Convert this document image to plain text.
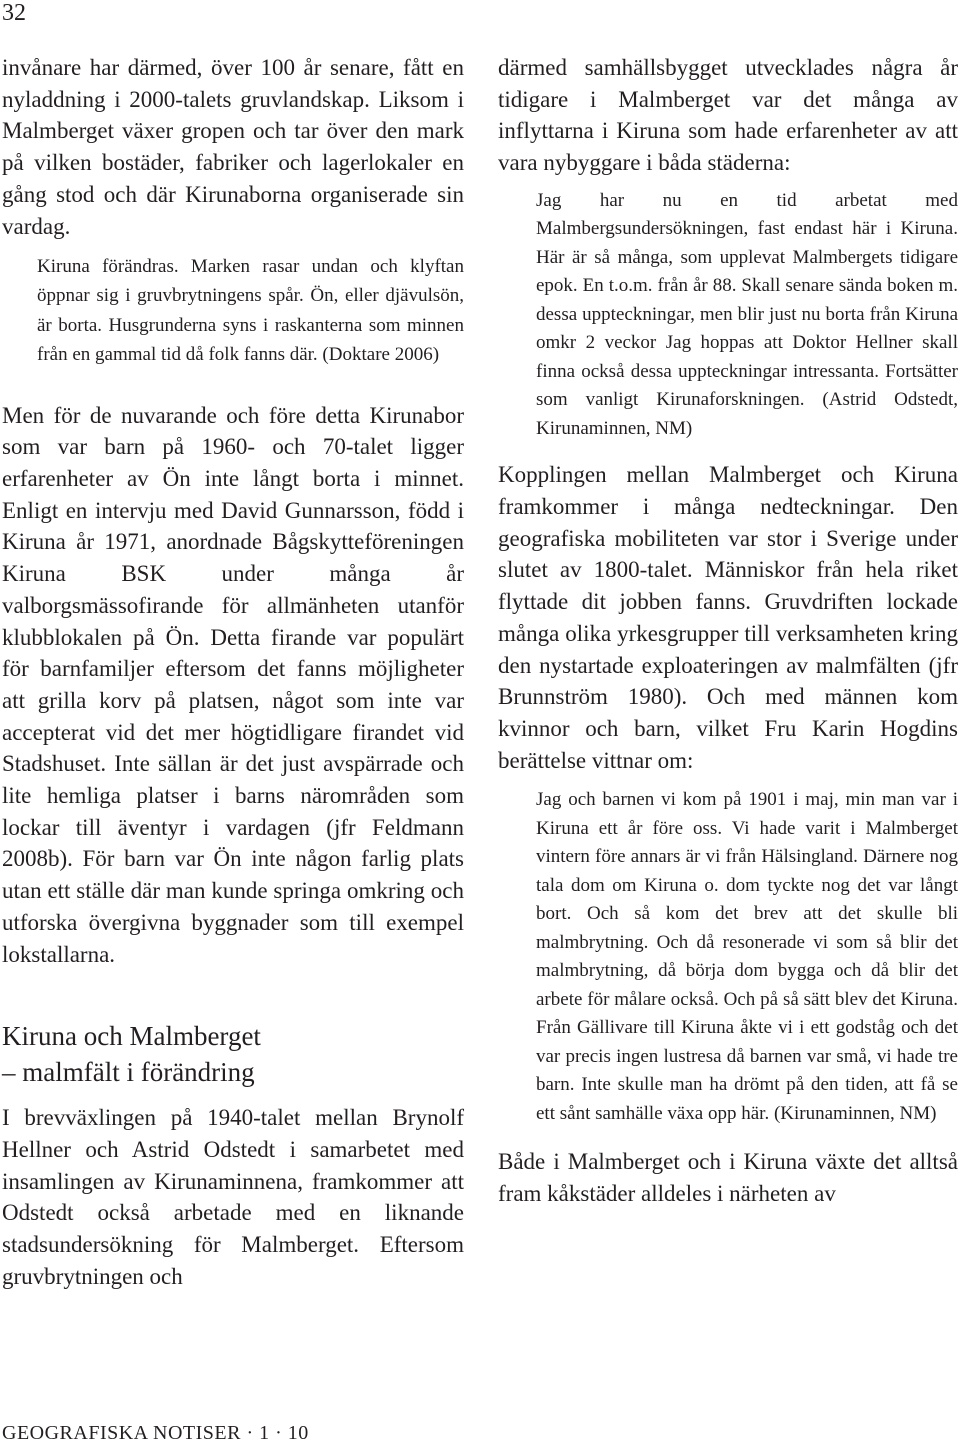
32

invånare har därmed, över 100 år senare, fått en nyladdning i 2000-talets gruvlandskap. Liksom i Malmberget växer gropen och tar över den mark på vilken bostäder, fabriker och lagerlokaler en gång stod och där Kirunaborna organiserade sin vardag.

Kiruna förändras. Marken rasar undan och klyftan öppnar sig i gruvbrytningens spår. Ön, eller djävulsön, är borta. Husgrunderna syns i raskanterna som minnen från en gammal tid då folk fanns där. (Doktare 2006)

Men för de nuvarande och före detta Kirunabor som var barn på 1960- och 70-talet ligger erfarenheter av Ön inte långt borta i minnet. Enligt en intervju med David Gunnarsson, född i Kiruna år 1971, anordnade Bågskytteföreningen Kiruna BSK under många år valborgsmässofirande för allmänheten utanför klubblokalen på Ön. Detta firande var populärt för barnfamiljer eftersom det fanns möjligheter att grilla korv på platsen, något som inte var accepterat vid det mer högtidligare firandet vid Stadshuset. Inte sällan är det just avspärrade och lite hemliga platser i barns närområden som lockar till äventyr i vardagen (jfr Feldmann 2008b). För barn var Ön inte någon farlig plats utan ett ställe där man kunde springa omkring och utforska övergivna byggnader som till exempel lokstallarna.

Kiruna och Malmberget
– malmfält i förändring

I brevväxlingen på 1940-talet mellan Brynolf Hellner och Astrid Odstedt i samarbetet med insamlingen av Kirunaminnena, framkommer att Odstedt också arbetade med en liknande stadsundersökning för Malmberget. Eftersom gruvbrytningen och

därmed samhällsbygget utvecklades några år tidigare i Malmberget var det många av inflyttarna i Kiruna som hade erfarenheter av att vara nybyggare i båda städerna:

Jag har nu en tid arbetat med Malmbergsundersökningen, fast endast här i Kiruna. Här är så många, som upplevat Malmbergets tidigare epok. En t.o.m. från år 88. Skall senare sända boken m. dessa uppteckningar, men blir just nu borta från Kiruna omkr 2 veckor Jag hoppas att Doktor Hellner skall finna också dessa uppteckningar intressanta. Fortsätter som vanligt Kirunaforskningen. (Astrid Odstedt, Kirunaminnen, NM)

Kopplingen mellan Malmberget och Kiruna framkommer i många nedteckningar. Den geografiska mobiliteten var stor i Sverige under slutet av 1800-talet. Människor från hela riket flyttade dit jobben fanns. Gruvdriften lockade många olika yrkesgrupper till verksamheten kring den nystartade exploateringen av malmfälten (jfr Brunnström 1980). Och med männen kom kvinnor och barn, vilket Fru Karin Hogdins berättelse vittnar om:

Jag och barnen vi kom på 1901 i maj, min man var i Kiruna ett år före oss. Vi hade varit i Malmberget vintern före annars är vi från Hälsingland. Därnere nog tala dom om Kiruna o. dom tyckte nog det var långt bort. Och så kom det brev att det skulle bli malmbrytning. Och då resonerade vi som så blir det malmbrytning, då börja dom bygga och då blir det arbete för målare också. Och på så sätt blev det Kiruna. Från Gällivare till Kiruna åkte vi i ett godståg och det var precis ingen lustresa då barnen var små, vi hade tre barn. Inte skulle man ha drömt på den tiden, att få se ett sånt samhälle växa opp här. (Kirunaminnen, NM)

Både i Malmberget och i Kiruna växte det alltså fram kåkstäder alldeles i närheten av

GEOGRAFISKA NOTISER · 1 · 10
